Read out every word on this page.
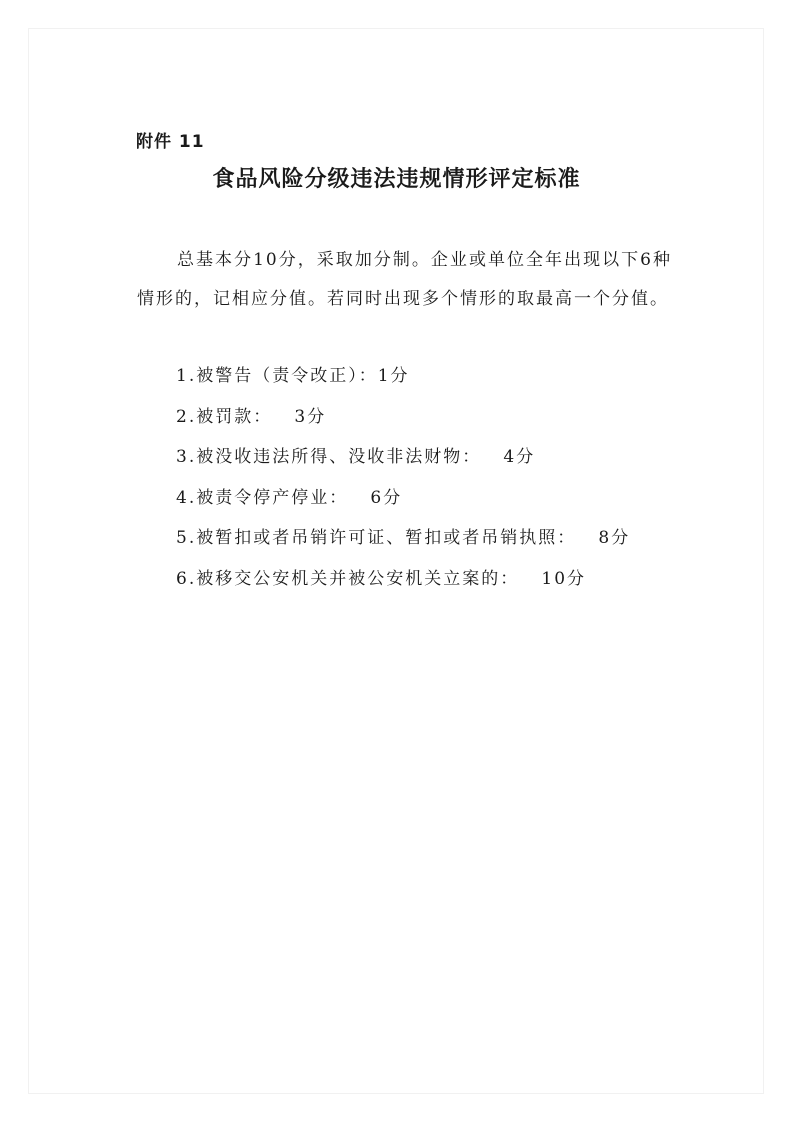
附件 11
食品风险分级违法违规情形评定标准

总基本分10分，采取加分制。企业或单位全年出现以下6种情形的，记相应分值。若同时出现多个情形的取最高一个分值。

1.被警告（责令改正）：1分
2.被罚款：   3分
3.被没收违法所得、没收非法财物：   4分
4.被责令停产停业：   6分
5.被暂扣或者吊销许可证、暂扣或者吊销执照：   8分
6.被移交公安机关并被公安机关立案的：   10分
